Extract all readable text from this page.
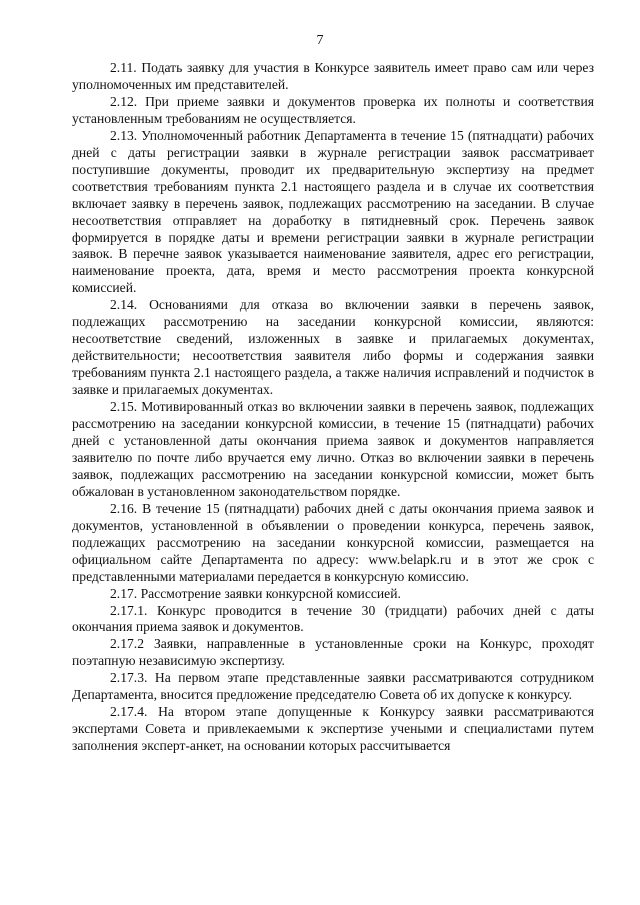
7

2.11. Подать заявку для участия в Конкурсе заявитель имеет право сам или через уполномоченных им представителей.

2.12. При приеме заявки и документов проверка их полноты и соответствия установленным требованиям не осуществляется.

2.13. Уполномоченный работник Департамента в течение 15 (пятнадцати) рабочих дней с даты регистрации заявки в журнале регистрации заявок рассматривает поступившие документы, проводит их предварительную экспертизу на предмет соответствия требованиям пункта 2.1 настоящего раздела и в случае их соответствия включает заявку в перечень заявок, подлежащих рассмотрению на заседании. В случае несоответствия отправляет на доработку в пятидневный срок. Перечень заявок формируется в порядке даты и времени регистрации заявки в журнале регистрации заявок. В перечне заявок указывается наименование заявителя, адрес его регистрации, наименование проекта, дата, время и место рассмотрения проекта конкурсной комиссией.

2.14. Основаниями для отказа во включении заявки в перечень заявок, подлежащих рассмотрению на заседании конкурсной комиссии, являются: несоответствие сведений, изложенных в заявке и прилагаемых документах, действительности; несоответствия заявителя либо формы и содержания заявки требованиям пункта 2.1 настоящего раздела, а также наличия исправлений и подчисток в заявке и прилагаемых документах.

2.15. Мотивированный отказ во включении заявки в перечень заявок, подлежащих рассмотрению на заседании конкурсной комиссии, в течение 15 (пятнадцати) рабочих дней с установленной даты окончания приема заявок и документов направляется заявителю по почте либо вручается ему лично. Отказ во включении заявки в перечень заявок, подлежащих рассмотрению на заседании конкурсной комиссии, может быть обжалован в установленном законодательством порядке.

2.16. В течение 15 (пятнадцати) рабочих дней с даты окончания приема заявок и документов, установленной в объявлении о проведении конкурса, перечень заявок, подлежащих рассмотрению на заседании конкурсной комиссии, размещается на официальном сайте Департамента по адресу: www.belapk.ru и в этот же срок с представленными материалами передается в конкурсную комиссию.

2.17. Рассмотрение заявки конкурсной комиссией.

2.17.1. Конкурс проводится в течение 30 (тридцати) рабочих дней с даты окончания приема заявок и документов.

2.17.2 Заявки, направленные в установленные сроки на Конкурс, проходят поэтапную независимую экспертизу.

2.17.3. На первом этапе представленные заявки рассматриваются сотрудником Департамента, вносится предложение председателю Совета об их допуске к конкурсу.

2.17.4. На втором этапе допущенные к Конкурсу заявки рассматриваются экспертами Совета и привлекаемыми к экспертизе учеными и специалистами путем заполнения эксперт-анкет, на основании которых рассчитывается
